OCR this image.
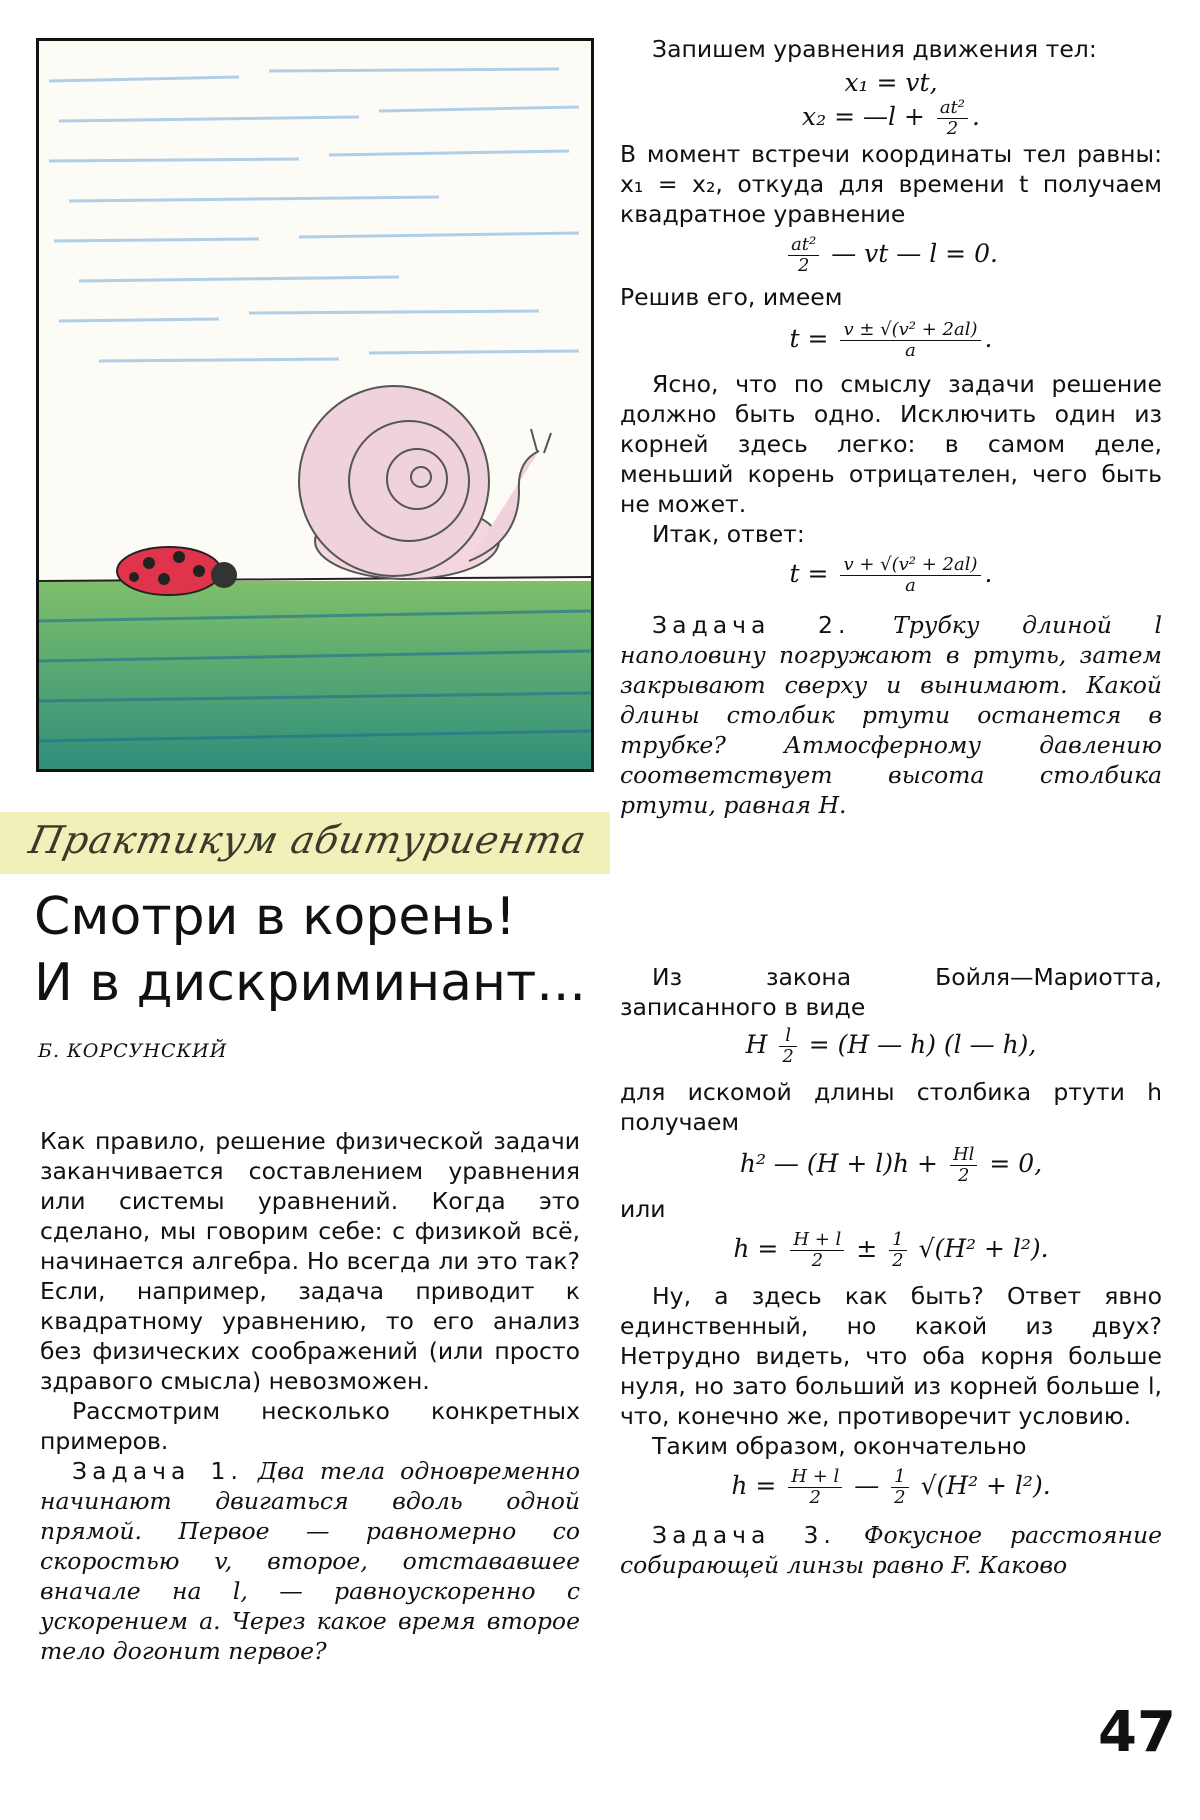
Практикум абитуриента
Смотри в корень!
И в дискриминант...
Б. КОРСУНСКИЙ

Как правило, решение физической задачи заканчивается составлением уравнения или системы уравнений. Когда это сделано, мы говорим себе: с физикой всё, начинается алгебра. Но всегда ли это так? Если, например, задача приводит к квадратному уравнению, то его анализ без физических соображений (или просто здравого смысла) невозможен.

Рассмотрим несколько конкретных примеров.

Задача 1. Два тела одновременно начинают двигаться вдоль одной прямой. Первое — равномерно со скоростью v, второе, отстававшее вначале на l, — равноускоренно с ускорением a. Через какое время второе тело догонит первое?

Запишем уравнения движения тел:

x₁ = vt,
x₂ = —l + $\frac{\text{at²}}{2}$ .

В момент встречи координаты тел равны: x₁ = x₂, откуда для времени t получаем квадратное уравнение

$\frac{\text{at²}}{2}$ — vt — l = 0.

Решив его, имеем

$t = \frac{\text{v ± √(v² + 2al)}}{a}$ .

Ясно, что по смыслу задачи решение должно быть одно. Исключить один из корней здесь легко: в самом деле, меньший корень отрицателен, чего быть не может.

Итак, ответ:

$t = \frac{\text{v + √(v² + 2al)}}{a}$ .

Задача 2. Трубку длиной l наполовину погружают в ртуть, затем закрывают сверху и вынимают. Какой длины столбик ртути останется в трубке? Атмосферному давлению соответствует высота столбика ртути, равная H.

Из закона Бойля—Мариотта, записанного в виде

H $\frac{l}{2} = (H$ — h) (l — h),

для искомой длины столбика ртути h получаем

h² — $(H + l)h + \frac{Hl}{2} = 0$,

или

$h = \frac{H + l}{2} \pm \frac{1}{2} √(H^2 + l^2)$.

Ну, а здесь как быть? Ответ явно единственный, но какой из двух? Нетрудно видеть, что оба корня больше нуля, но зато больший из корней больше l, что, конечно же, противоречит условию.

Таким образом, окончательно

$h = \frac{H + l}{2}$ — $\frac{1}{2} √(H^2 + l^2)$.

Задача 3. Фокусное расстояние собирающей линзы равно F. Каково

47
